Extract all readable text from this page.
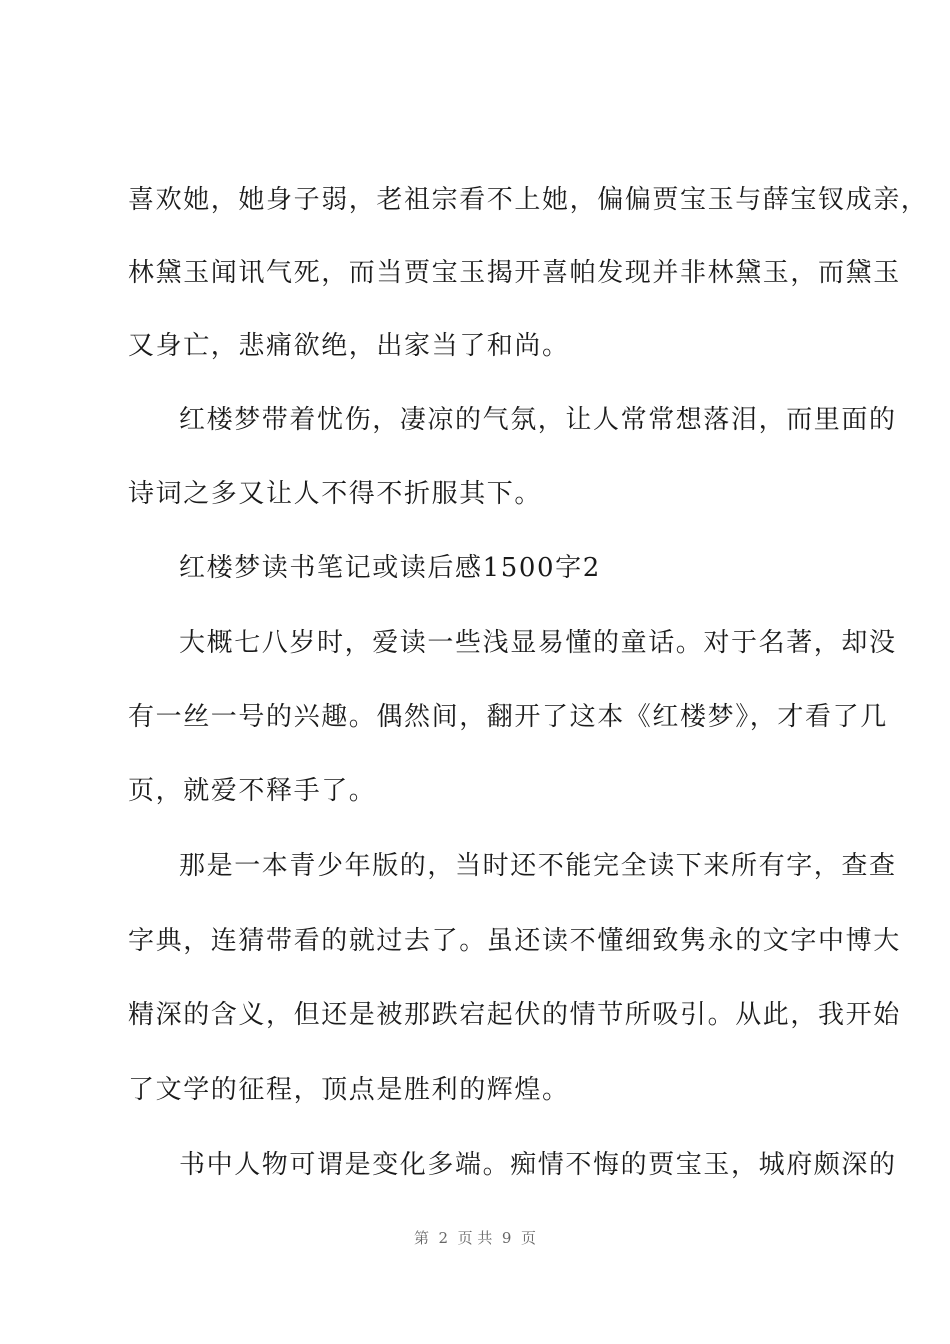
喜欢她，她身子弱，老祖宗看不上她，偏偏贾宝玉与薛宝钗成亲，
林黛玉闻讯气死，而当贾宝玉揭开喜帕发现并非林黛玉，而黛玉
又身亡，悲痛欲绝，出家当了和尚。
红楼梦带着忧伤，凄凉的气氛，让人常常想落泪，而里面的
诗词之多又让人不得不折服其下。
红楼梦读书笔记或读后感1500字2
大概七八岁时，爱读一些浅显易懂的童话。对于名著，却没
有一丝一号的兴趣。偶然间，翻开了这本《红楼梦》，才看了几
页，就爱不释手了。
那是一本青少年版的，当时还不能完全读下来所有字，查查
字典，连猜带看的就过去了。虽还读不懂细致隽永的文字中博大
精深的含义，但还是被那跌宕起伏的情节所吸引。从此，我开始
了文学的征程，顶点是胜利的辉煌。
书中人物可谓是变化多端。痴情不悔的贾宝玉，城府颇深的
第  2  页 共  9  页
